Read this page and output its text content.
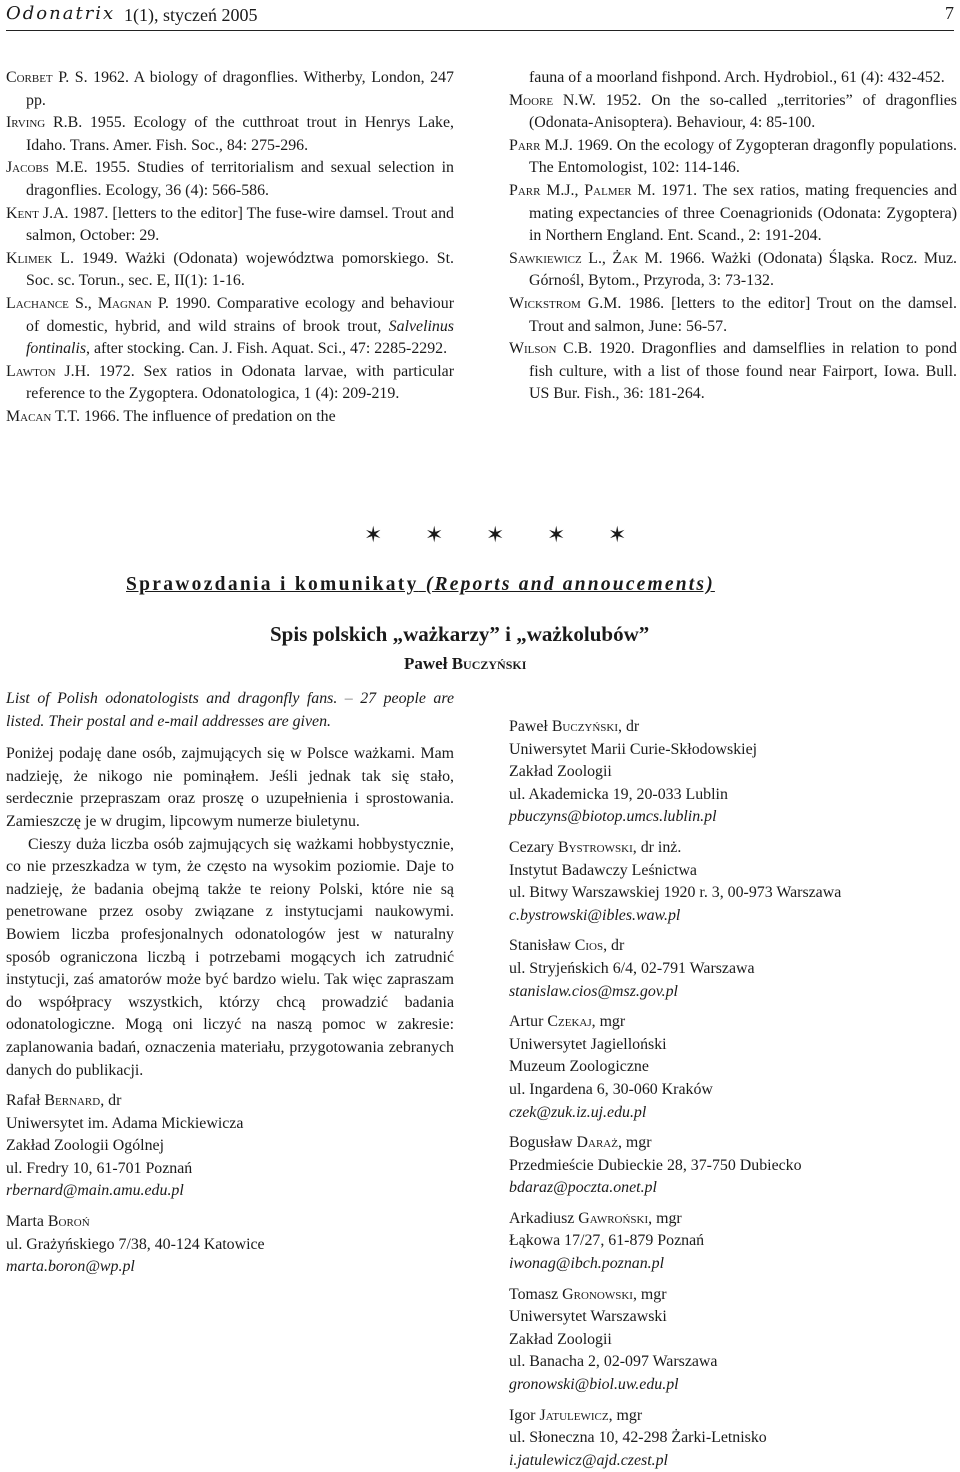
Odonatrix 1(1), styczeń 2005	7

Corbet P. S. 1962. A biology of dragonflies. Witherby, London, 247 pp.

Irving R.B. 1955. Ecology of the cutthroat trout in Henrys Lake, Idaho. Trans. Amer. Fish. Soc., 84: 275-296.

Jacobs M.E. 1955. Studies of territorialism and sexual selection in dragonflies. Ecology, 36 (4): 566-586.

Kent J.A. 1987. [letters to the editor] The fuse-wire damsel. Trout and salmon, October: 29.

Klimek L. 1949. Ważki (Odonata) województwa pomorskiego. St. Soc. sc. Torun., sec. E, II(1): 1-16.

Lachance S., Magnan P. 1990. Comparative ecology and behaviour of domestic, hybrid, and wild strains of brook trout, Salvelinus fontinalis, after stocking. Can. J. Fish. Aquat. Sci., 47: 2285-2292.

Lawton J.H. 1972. Sex ratios in Odonata larvae, with particular reference to the Zygoptera. Odonatologica, 1 (4): 209-219.

Macan T.T. 1966. The influence of predation on the

fauna of a moorland fishpond. Arch. Hydrobiol., 61 (4): 432-452.

Moore N.W. 1952. On the so-called „territories” of dragonflies (Odonata-Anisoptera). Behaviour, 4: 85-100.

Parr M.J. 1969. On the ecology of Zygopteran dragonfly populations. The Entomologist, 102: 114-146.

Parr M.J., Palmer M. 1971. The sex ratios, mating frequencies and mating expectancies of three Coenagrionids (Odonata: Zygoptera) in Northern England. Ent. Scand., 2: 191-204.

Sawkiewicz L., Żak M. 1966. Ważki (Odonata) Śląska. Rocz. Muz. Górnośl, Bytom., Przyroda, 3: 73-132.

Wickstrom G.M. 1986. [letters to the editor] Trout on the damsel. Trout and salmon, June: 56-57.

Wilson C.B. 1920. Dragonflies and damselflies in relation to pond fish culture, with a list of those found near Fairport, Iowa. Bull. US Bur. Fish., 36: 181-264.

✶ ✶ ✶ ✶ ✶
Sprawozdania i komunikaty (Reports and annoucements)
Spis polskich „ważkarzy” i „ważkolubów”
Paweł Buczyński

List of Polish odonatologists and dragonfly fans. – 27 people are listed. Their postal and e-mail addresses are given.

Poniżej podaję dane osób, zajmujących się w Polsce ważkami. Mam nadzieję, że nikogo nie pominąłem. Jeśli jednak tak się stało, serdecznie przepraszam oraz proszę o uzupełnienia i sprostowania. Zamieszczę je w drugim, lipcowym numerze biuletynu.

Cieszy duża liczba osób zajmujących się ważkami hobbystycznie, co nie przeszkadza w tym, że często na wysokim poziomie. Daje to nadzieję, że badania obejmą także te reiony Polski, które nie są penetrowane przez osoby związane z instytucjami naukowymi. Bowiem liczba profesjonalnych odonatologów jest w naturalny sposób ograniczona liczbą i potrzebami mogących ich zatrudnić instytucji, zaś amatorów może być bardzo wielu. Tak więc zapraszam do współpracy wszystkich, którzy chcą prowadzić badania odonatologiczne. Mogą oni liczyć na naszą pomoc w zakresie: zaplanowania badań, oznaczenia materiału, przygotowania zebranych danych do publikacji.

Rafał Bernard, dr
Uniwersytet im. Adama Mickiewicza
Zakład Zoologii Ogólnej
ul. Fredry 10, 61-701 Poznań
rbernard@main.amu.edu.pl
Marta Boroń
ul. Grażyńskiego 7/38, 40-124 Katowice
marta.boron@wp.pl
Paweł Buczyński, dr
Uniwersytet Marii Curie-Skłodowskiej
Zakład Zoologii
ul. Akademicka 19, 20-033 Lublin
pbuczyns@biotop.umcs.lublin.pl
Cezary Bystrowski, dr inż.
Instytut Badawczy Leśnictwa
ul. Bitwy Warszawskiej 1920 r. 3, 00-973 Warszawa
c.bystrowski@ibles.waw.pl
Stanisław Cios, dr
ul. Stryjeńskich 6/4, 02-791 Warszawa
stanislaw.cios@msz.gov.pl
Artur Czekaj, mgr
Uniwersytet Jagielloński
Muzeum Zoologiczne
ul. Ingardena 6, 30-060 Kraków
czek@zuk.iz.uj.edu.pl
Bogusław Daraż, mgr
Przedmieście Dubieckie 28, 37-750 Dubiecko
bdaraz@poczta.onet.pl
Arkadiusz Gawroński, mgr
Łąkowa 17/27, 61-879 Poznań
iwonag@ibch.poznan.pl
Tomasz Gronowski, mgr
Uniwersytet Warszawski
Zakład Zoologii
ul. Banacha 2, 02-097 Warszawa
gronowski@biol.uw.edu.pl
Igor Jatulewicz, mgr
ul. Słoneczna 10, 42-298 Żarki-Letnisko
i.jatulewicz@ajd.czest.pl
